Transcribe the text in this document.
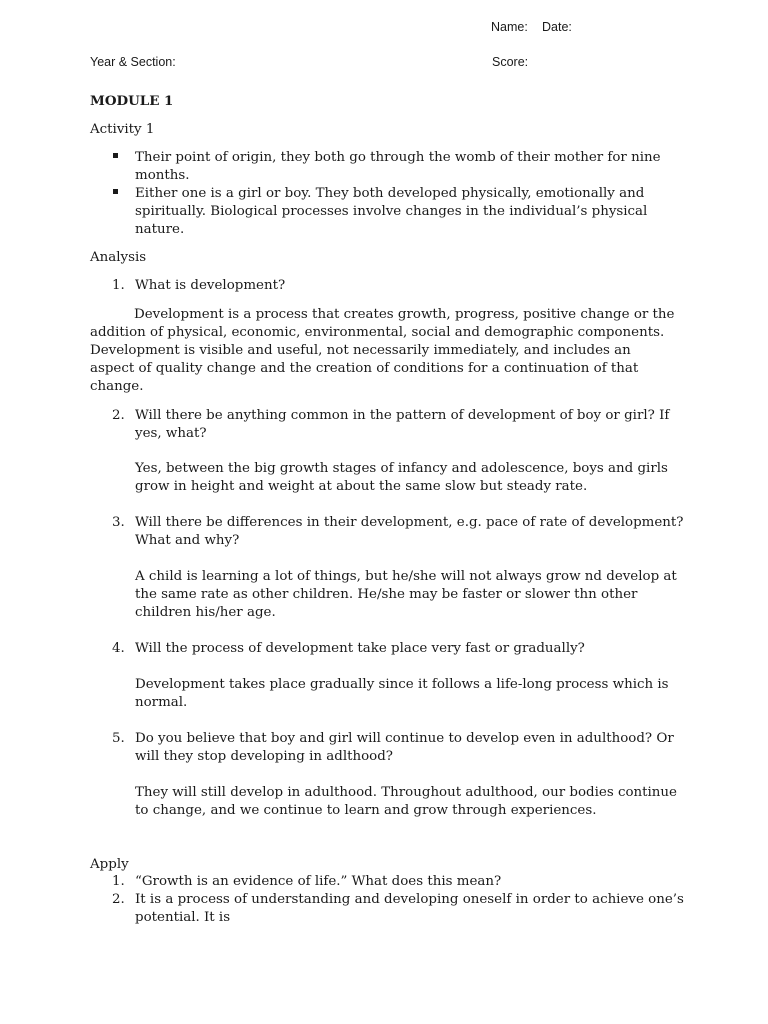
Name: Date:
Year & Section:	Score:
MODULE 1
Activity 1
Their point of origin, they both go through the womb of their mother for nine months.
Either one is a girl or boy. They both developed physically, emotionally and spiritually. Biological processes involve changes in the individual’s physical nature.
Analysis
1. What is development?
Development is a process that creates growth, progress, positive change or the addition of physical, economic, environmental, social and demographic components. Development is visible and useful, not necessarily immediately, and includes an aspect of quality change and the creation of conditions for a continuation of that change.
2. Will there be anything common in the pattern of development of boy or girl? If yes, what?
Yes, between the big growth stages of infancy and adolescence, boys and girls grow in height and weight at about the same slow but steady rate.
3. Will there be differences in their development, e.g. pace of rate of development? What and why?
A child is learning a lot of things, but he/she will not always grow nd develop at the same rate as other children. He/she may be faster or slower thn other children his/her age.
4. Will the process of development take place very fast or gradually?
Development takes place gradually since it follows a life-long process which is normal.
5. Do you believe that boy and girl will continue to develop even in adulthood? Or will they stop developing in adlthood?
They will still develop in adulthood. Throughout adulthood, our bodies continue to change, and we continue to learn and grow through experiences.
Apply
1. “Growth is an evidence of life.” What does this mean?
2. It is a process of understanding and developing oneself in order to achieve one’s potential. It is
